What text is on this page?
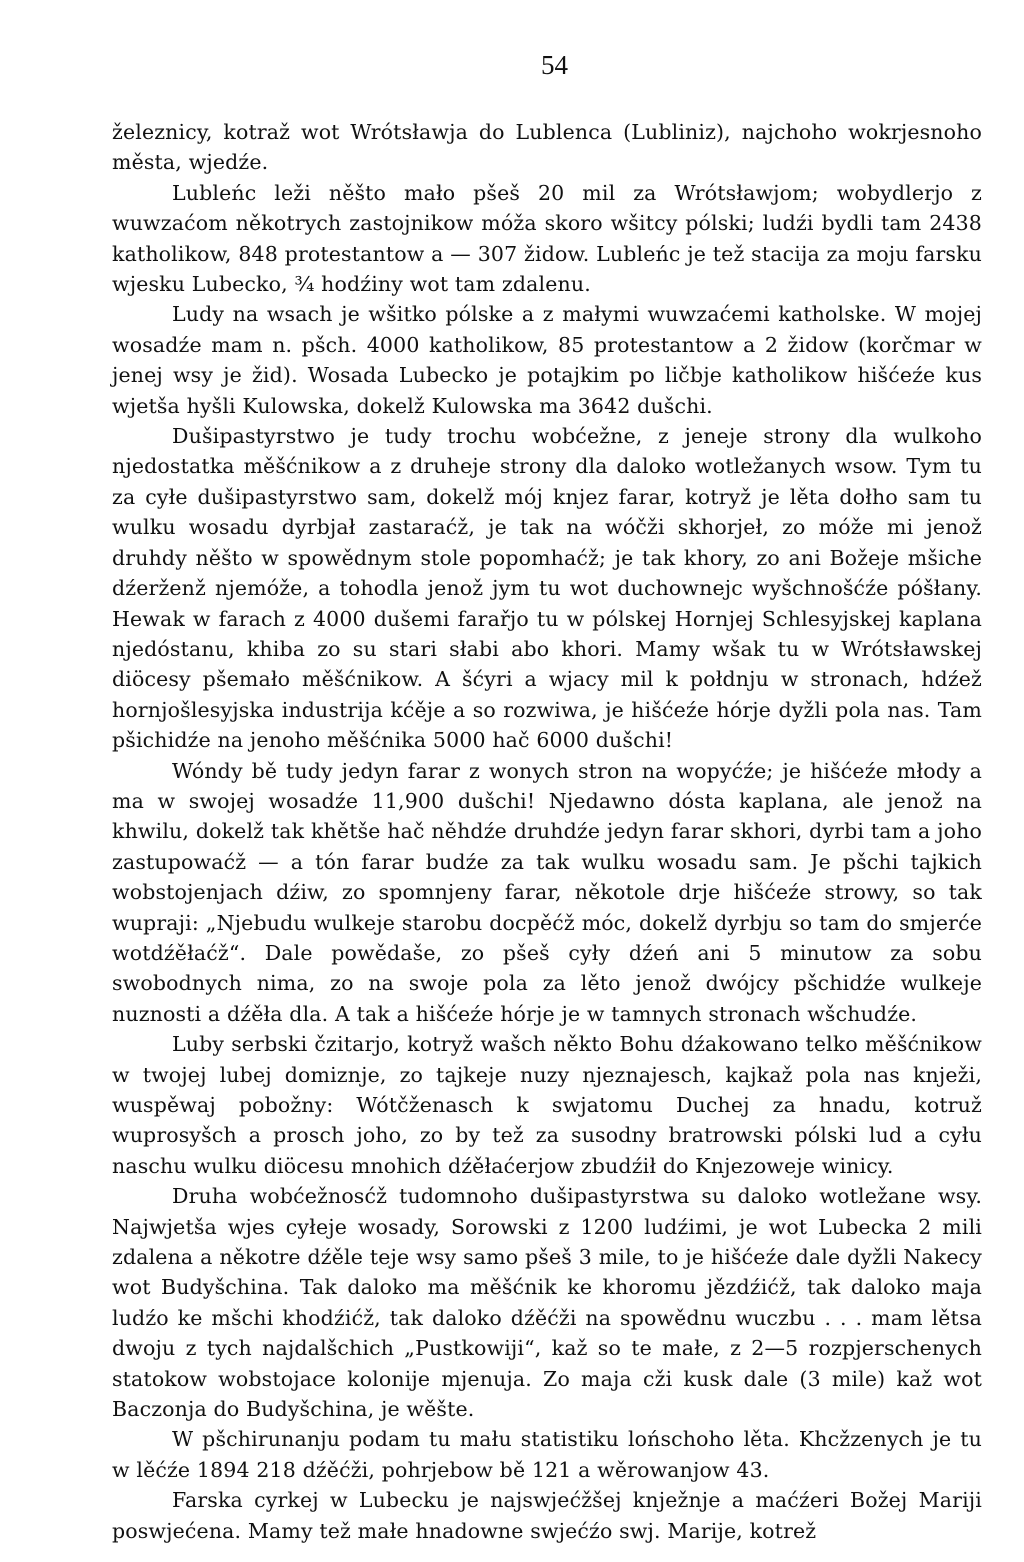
54

železnicy, kotraž wot Wrótsławja do Lublenca (Lubliniz), najchoho wokrjesnoho města, wjedźe.

Lubleńc leži něšto mało pšeš 20 mil za Wrótsławjom; wobydlerjo z wuwzaćom někotrych zastojnikow móža skoro wšitcy pólski; ludźi bydli tam 2438 katholikow, 848 protestantow a — 307 židow. Lubleńc je tež stacija za moju farsku wjesku Lubecko, ¾ hodźiny wot tam zdalenu.

Ludy na wsach je wšitko pólske a z małymi wuwzaćemi katholske. W mojej wosadźe mam n. pšch. 4000 katholikow, 85 protestantow a 2 židow (korčmar w jenej wsy je žid). Wosada Lubecko je potajkim po ličbje katholikow hišćeźe kus wjetša hyšli Kulowska, dokelž Kulowska ma 3642 dušchi.

Dušipastyrstwo je tudy trochu wobćežne, z jeneje strony dla wulkoho njedostatka měšćnikow a z druheje strony dla daloko wotležanych wsow. Tym tu za cyłe dušipastyrstwo sam, dokelž mój knjez farar, kotryž je lěta dołho sam tu wulku wosadu dyrbjał zastaraćž, je tak na wóčži skhorjeł, zo móže mi jenož druhdy něšto w spowědnym stole popomhaćž; je tak khory, zo ani Božeje mšiche dźerženž njemóže, a tohodla jenož jym tu wot duchownejc wyšchnošćźe póšłany. Hewak w farach z 4000 dušemi farařjo tu w pólskej Hornjej Schlesyjskej kaplana njedóstanu, khiba zo su stari słabi abo khori. Mamy wšak tu w Wrótsławskej diöcesy pšemało měšćnikow. A šćyri a wjacy mil k połdnju w stronach, hdźež hornjošlesyjska industrija kćěje a so rozwiwa, je hišćeźe hórje dyžli pola nas. Tam pšichidźe na jenoho měšćnika 5000 hač 6000 dušchi!

Wóndy bě tudy jedyn farar z wonych stron na wopyćźe; je hišćeźe młody a ma w swojej wosadźe 11,900 dušchi! Njedawno dósta kaplana, ale jenož na khwilu, dokelž tak khětše hač něhdźe druhdźe jedyn farar skhori, dyrbi tam a joho zastupowaćž — a tón farar budźe za tak wulku wosadu sam. Je pšchi tajkich wobstojenjach dźiw, zo spomnjeny farar, někotole drje hišćeźe strowy, so tak wupraji: „Njebudu wulkeje starobu docpěćž móc, dokelž dyrbju so tam do smjerće wotdźěłaćž“. Dale powědaše, zo pšeš cyły dźeń ani 5 minutow za sobu swobodnych nima, zo na swoje pola za lěto jenož dwójcy pšchidźe wulkeje nuznosti a dźěła dla. A tak a hišćeźe hórje je w tamnych stronach wšchudźe.

Luby serbski čzitarjo, kotryž wašch někto Bohu dźakowano telko měšćnikow w twojej lubej domiznje, zo tajkeje nuzy njeznajesch, kajkaž pola nas knježi, wuspěwaj pobožny: Wótčženasch k swjatomu Duchej za hnadu, kotruž wuprosyšch a prosch joho, zo by tež za susodny bratrowski pólski lud a cyłu naschu wulku diöcesu mnohich dźěłaćerjow zbudźił do Knjezoweje winicy.

Druha wobćežnosćž tudomnoho dušipastyrstwa su daloko wotležane wsy. Najwjetša wjes cyłeje wosady, Sorowski z 1200 ludźimi, je wot Lubecka 2 mili zdalena a někotre dźěle teje wsy samo pšeš 3 mile, to je hišćeźe dale dyžli Nakecy wot Budyšchina. Tak daloko ma měšćnik ke khoromu jězdźićž, tak daloko maja ludźo ke mšchi khodźićž, tak daloko dźěćži na spowědnu wuczbu . . . mam lětsa dwoju z tych najdalšchich „Pustkowiji“, kaž so te małe, z 2—5 rozpjerschenych statokow wobstojace kolonije mjenuja. Zo maja cži kusk dale (3 mile) kaž wot Baczonja do Budyšchina, je wěšte.

W pšchirunanju podam tu mału statistiku lońschoho lěta. Khcžzenych je tu w lěćźe 1894 218 dźěćži, pohrjebow bě 121 a wěrowanjow 43.

Farska cyrkej w Lubecku je najswjećžšej knježnje a maćźeri Božej Mariji poswjećena. Mamy tež małe hnadowne swjećźo swj. Marije, kotrež
